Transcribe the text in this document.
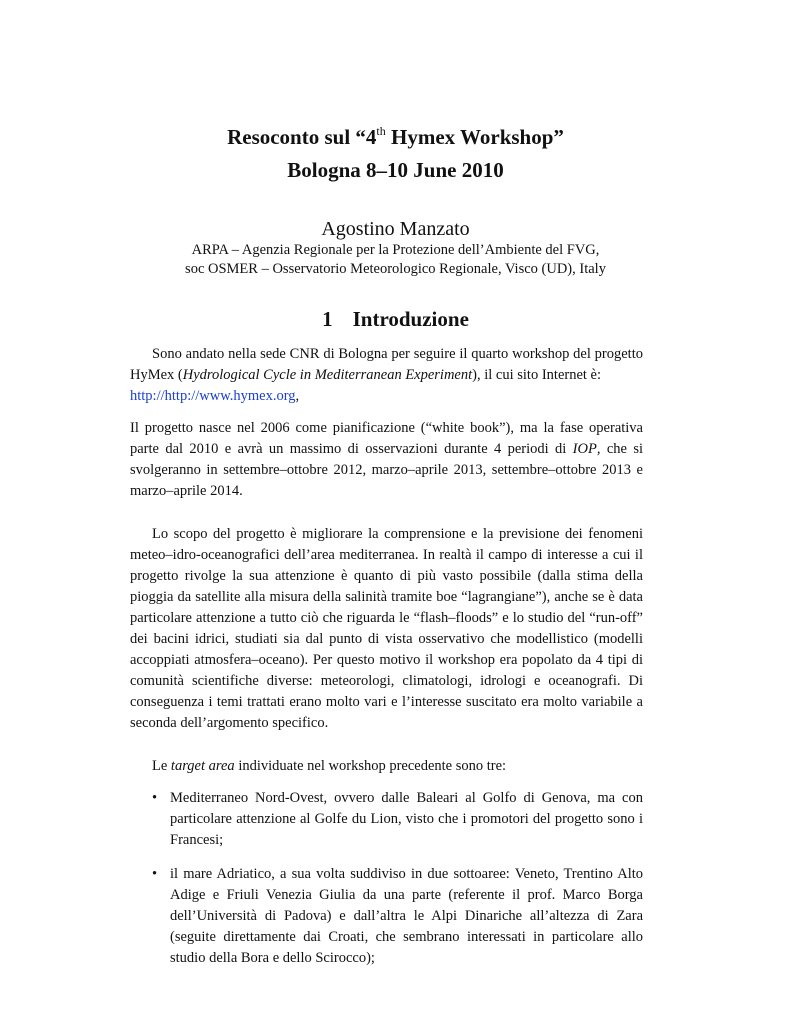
Resoconto sul “4th Hymex Workshop”
Bologna 8–10 June 2010
Agostino Manzato
ARPA – Agenzia Regionale per la Protezione dell’Ambiente del FVG,
soc OSMER – Osservatorio Meteorologico Regionale, Visco (UD), Italy
1 Introduzione

Sono andato nella sede CNR di Bologna per seguire il quarto workshop del progetto HyMex (Hydrological Cycle in Mediterranean Experiment), il cui sito Internet è:

http://http://www.hymex.org,

Il progetto nasce nel 2006 come pianificazione (“white book”), ma la fase operativa parte dal 2010 e avrà un massimo di osservazioni durante 4 periodi di IOP, che si svolgeranno in settembre–ottobre 2012, marzo–aprile 2013, settembre–ottobre 2013 e marzo–aprile 2014.

Lo scopo del progetto è migliorare la comprensione e la previsione dei fenomeni meteo–idro-oceanografici dell’area mediterranea. In realtà il campo di interesse a cui il progetto rivolge la sua attenzione è quanto di più vasto possibile (dalla stima della pioggia da satellite alla misura della salinità tramite boe “lagrangiane”), anche se è data particolare attenzione a tutto ciò che riguarda le “flash–floods” e lo studio del “run-off” dei bacini idrici, studiati sia dal punto di vista osservativo che modellistico (modelli accoppiati atmosfera–oceano). Per questo motivo il workshop era popolato da 4 tipi di comunità scientifiche diverse: meteorologi, climatologi, idrologi e oceanografi. Di conseguenza i temi trattati erano molto vari e l’interesse suscitato era molto variabile a seconda dell’argomento specifico.

Le target area individuate nel workshop precedente sono tre:

• Mediterraneo Nord-Ovest, ovvero dalle Baleari al Golfo di Genova, ma con particolare attenzione al Golfe du Lion, visto che i promotori del progetto sono i Francesi;
• il mare Adriatico, a sua volta suddiviso in due sottoaree: Veneto, Trentino Alto Adige e Friuli Venezia Giulia da una parte (referente il prof. Marco Borga dell’Università di Padova) e dall’altra le Alpi Dinariche all’altezza di Zara (seguite direttamente dai Croati, che sembrano interessati in particolare allo studio della Bora e dello Scirocco);
